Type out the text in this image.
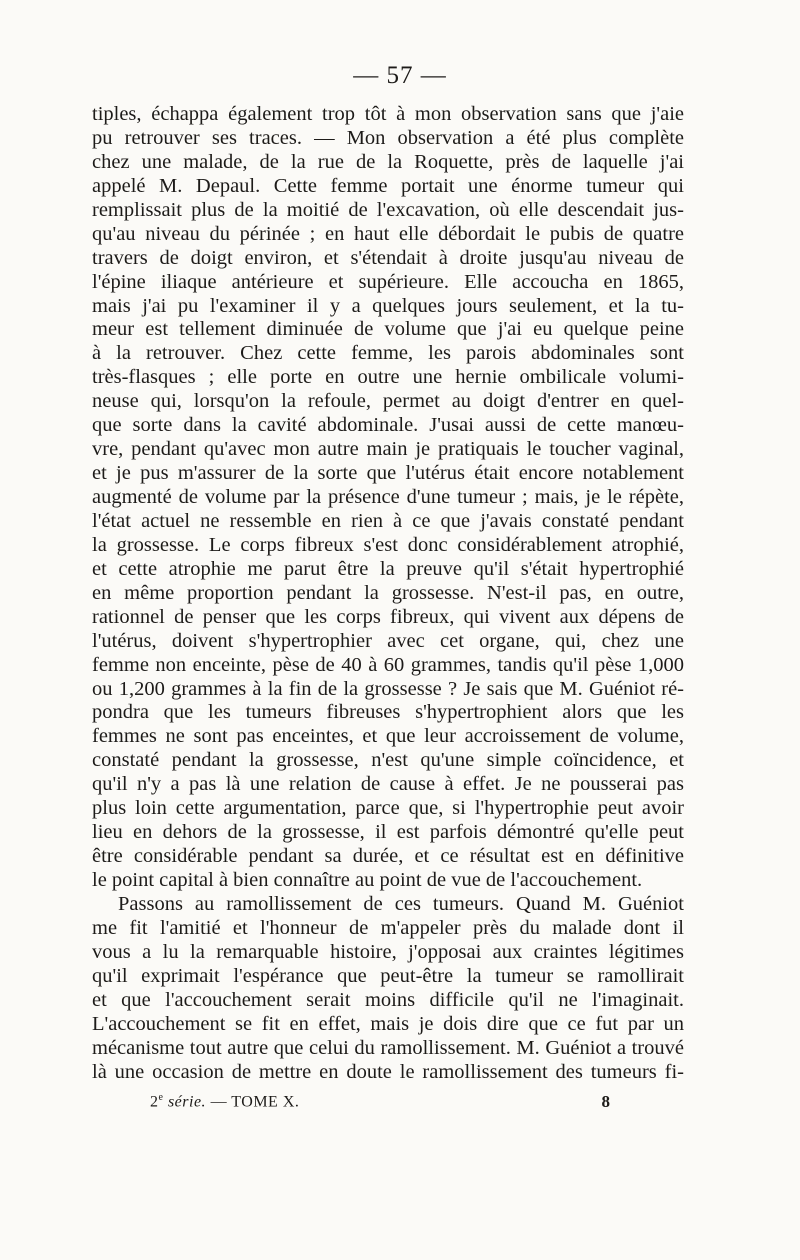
— 57 —
tiples, échappa également trop tôt à mon observation sans que j'aie
pu retrouver ses traces. — Mon observation a été plus complète
chez une malade, de la rue de la Roquette, près de laquelle j'ai
appelé M. Depaul. Cette femme portait une énorme tumeur qui
remplissait plus de la moitié de l'excavation, où elle descendait jus-
qu'au niveau du périnée ; en haut elle débordait le pubis de quatre
travers de doigt environ, et s'étendait à droite jusqu'au niveau de
l'épine iliaque antérieure et supérieure. Elle accoucha en 1865,
mais j'ai pu l'examiner il y a quelques jours seulement, et la tu-
meur est tellement diminuée de volume que j'ai eu quelque peine
à la retrouver. Chez cette femme, les parois abdominales sont
très-flasques ; elle porte en outre une hernie ombilicale volumi-
neuse qui, lorsqu'on la refoule, permet au doigt d'entrer en quel-
que sorte dans la cavité abdominale. J'usai aussi de cette manœu-
vre, pendant qu'avec mon autre main je pratiquais le toucher vaginal,
et je pus m'assurer de la sorte que l'utérus était encore notablement
augmenté de volume par la présence d'une tumeur ; mais, je le répète,
l'état actuel ne ressemble en rien à ce que j'avais constaté pendant
la grossesse. Le corps fibreux s'est donc considérablement atrophié,
et cette atrophie me parut être la preuve qu'il s'était hypertrophié
en même proportion pendant la grossesse. N'est-il pas, en outre,
rationnel de penser que les corps fibreux, qui vivent aux dépens de
l'utérus, doivent s'hypertrophier avec cet organe, qui, chez une
femme non enceinte, pèse de 40 à 60 grammes, tandis qu'il pèse 1,000
ou 1,200 grammes à la fin de la grossesse ? Je sais que M. Guéniot ré-
pondra que les tumeurs fibreuses s'hypertrophient alors que les
femmes ne sont pas enceintes, et que leur accroissement de volume,
constaté pendant la grossesse, n'est qu'une simple coïncidence, et
qu'il n'y a pas là une relation de cause à effet. Je ne pousserai pas
plus loin cette argumentation, parce que, si l'hypertrophie peut avoir
lieu en dehors de la grossesse, il est parfois démontré qu'elle peut
être considérable pendant sa durée, et ce résultat est en définitive
le point capital à bien connaître au point de vue de l'accouchement.
Passons au ramollissement de ces tumeurs. Quand M. Guéniot
me fit l'amitié et l'honneur de m'appeler près du malade dont il
vous a lu la remarquable histoire, j'opposai aux craintes légitimes
qu'il exprimait l'espérance que peut-être la tumeur se ramollirait
et que l'accouchement serait moins difficile qu'il ne l'imaginait.
L'accouchement se fit en effet, mais je dois dire que ce fut par un
mécanisme tout autre que celui du ramollissement. M. Guéniot a trouvé
là une occasion de mettre en doute le ramollissement des tumeurs fi-
2e série. — TOME X.	8
